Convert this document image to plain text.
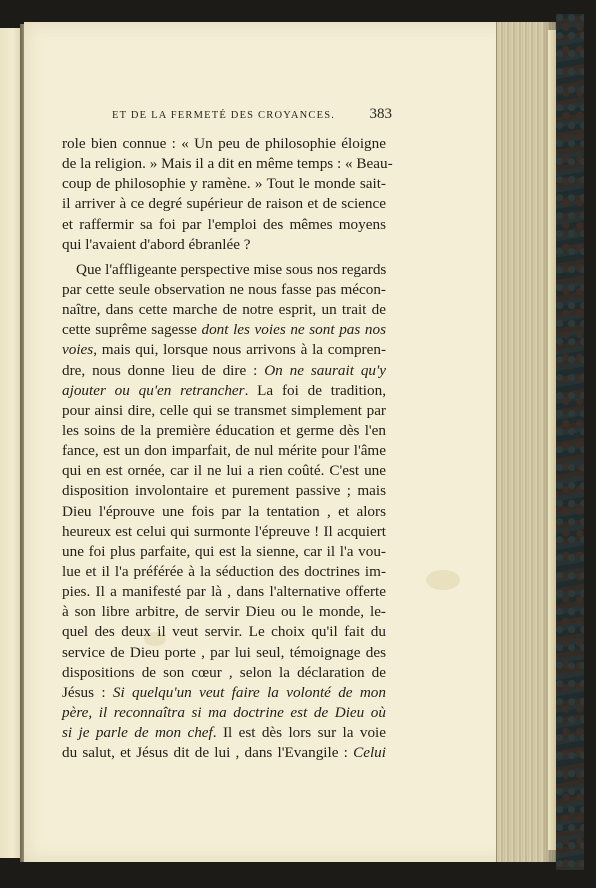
ET DE LA FERMETÉ DES CROYANCES. 383
role bien connue : « Un peu de philosophie éloigne
de la religion. » Mais il a dit en même temps : « Beau-
coup de philosophie y ramène. » Tout le monde sait-
il arriver à ce degré supérieur de raison et de science
et raffermir sa foi par l'emploi des mêmes moyens
qui l'avaient d'abord ébranlée ?
Que l'affligeante perspective mise sous nos regards
par cette seule observation ne nous fasse pas mécon-
naître, dans cette marche de notre esprit, un trait de
cette suprême sagesse dont les voies ne sont pas nos
voies, mais qui, lorsque nous arrivons à la compren-
dre, nous donne lieu de dire : On ne saurait qu'y
ajouter ou qu'en retrancher. La foi de tradition,
pour ainsi dire, celle qui se transmet simplement par
les soins de la première éducation et germe dès l'en
fance, est un don imparfait, de nul mérite pour l'âme
qui en est ornée, car il ne lui a rien coûté. C'est une
disposition involontaire et purement passive ; mais
Dieu l'éprouve une fois par la tentation , et alors
heureux est celui qui surmonte l'épreuve ! Il acquiert
une foi plus parfaite, qui est la sienne, car il l'a vou-
lue et il l'a préférée à la séduction des doctrines im-
pies. Il a manifesté par là , dans l'alternative offerte
à son libre arbitre, de servir Dieu ou le monde, le-
quel des deux il veut servir. Le choix qu'il fait du
service de Dieu porte , par lui seul, témoignage des
dispositions de son cœur , selon la déclaration de
Jésus : Si quelqu'un veut faire la volonté de mon
père, il reconnaîtra si ma doctrine est de Dieu où
si je parle de mon chef. Il est dès lors sur la voie
du salut, et Jésus dit de lui , dans l'Evangile : Celui
